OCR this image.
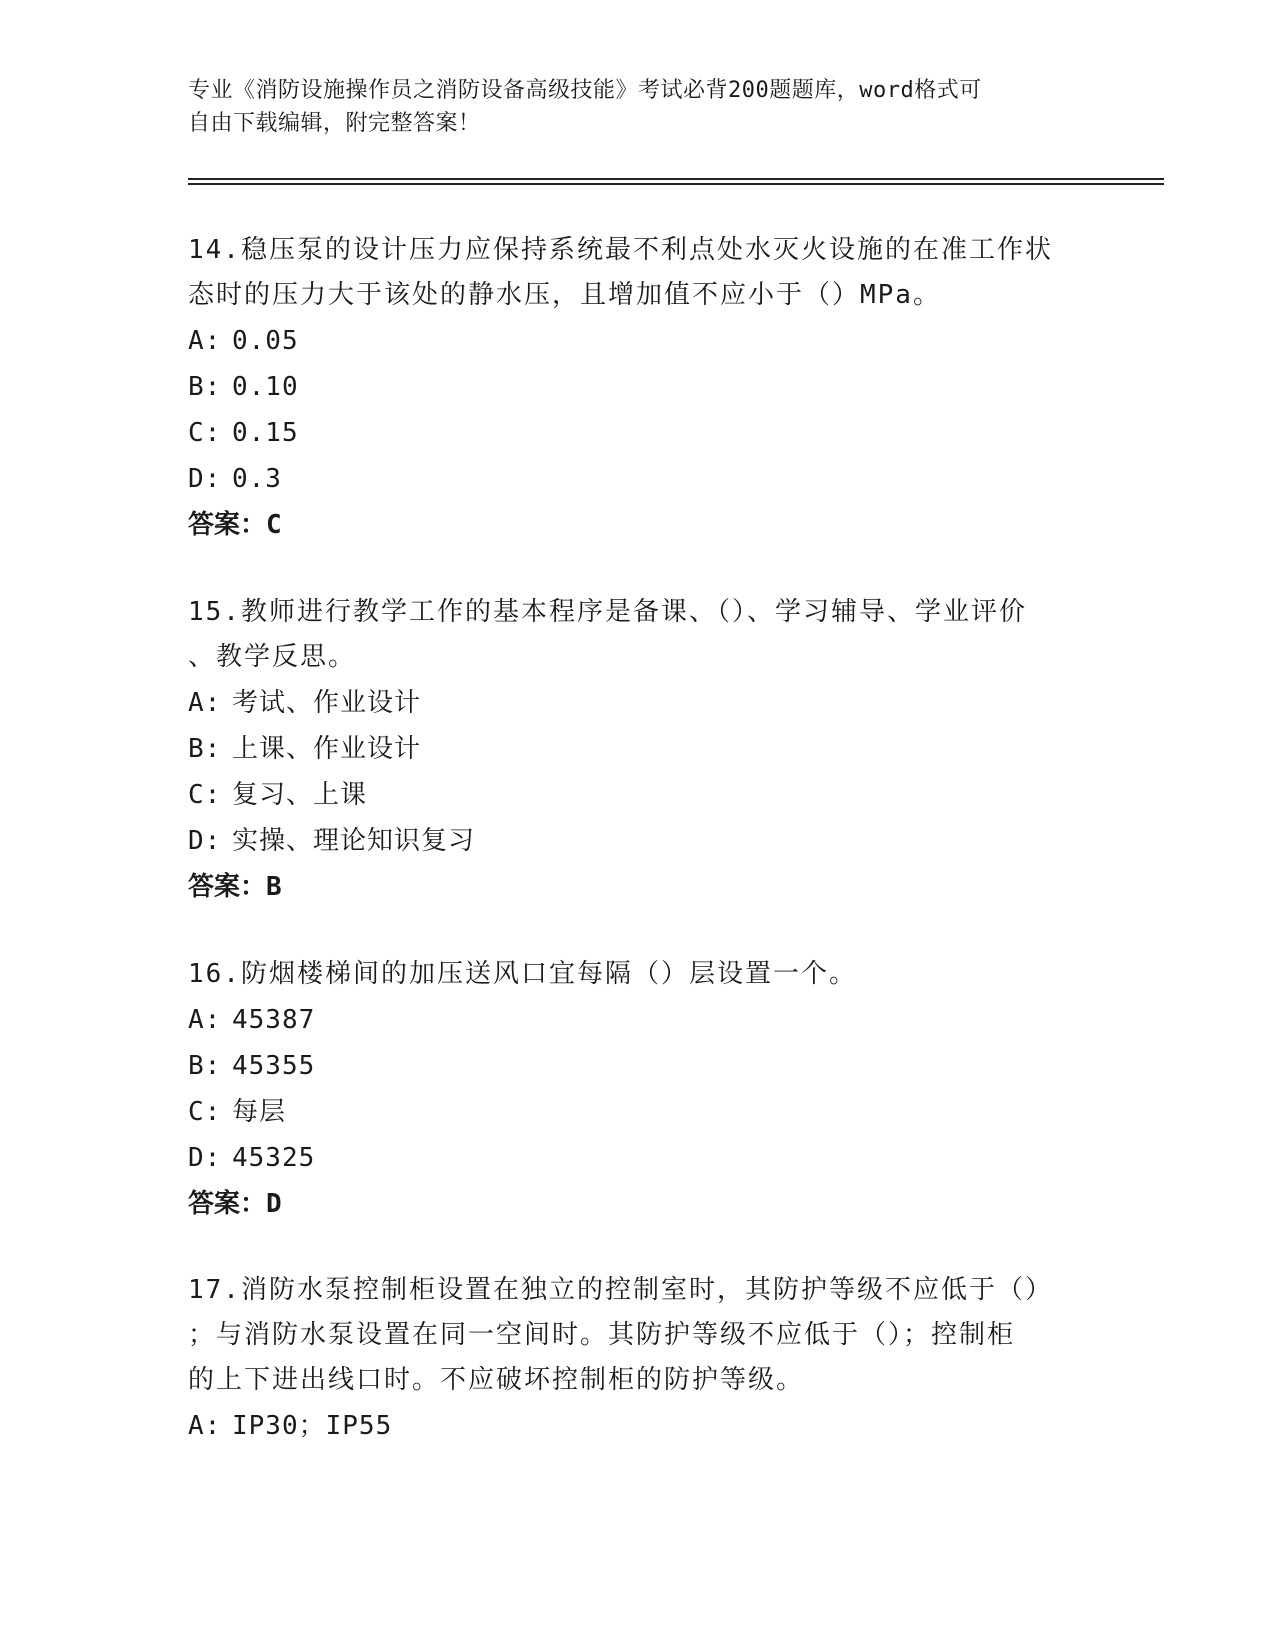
专业《消防设施操作员之消防设备高级技能》考试必背200题题库，word格式可
自由下载编辑，附完整答案！
14.稳压泵的设计压力应保持系统最不利点处水灭火设施的在准工作状
态时的压力大于该处的静水压，且增加值不应小于（）MPa。
A: 0.05
B: 0.10
C: 0.15
D: 0.3
答案：C
15.教师进行教学工作的基本程序是备课、（）、学习辅导、学业评价
、教学反思。
A: 考试、作业设计
B: 上课、作业设计
C: 复习、上课
D: 实操、理论知识复习
答案：B
16.防烟楼梯间的加压送风口宜每隔（）层设置一个。
A: 45387
B: 45355
C: 每层
D: 45325
答案：D
17.消防水泵控制柜设置在独立的控制室时，其防护等级不应低于（）
；与消防水泵设置在同一空间时。其防护等级不应低于（）；控制柜
的上下进出线口时。不应破坏控制柜的防护等级。
A: IP30；IP55
